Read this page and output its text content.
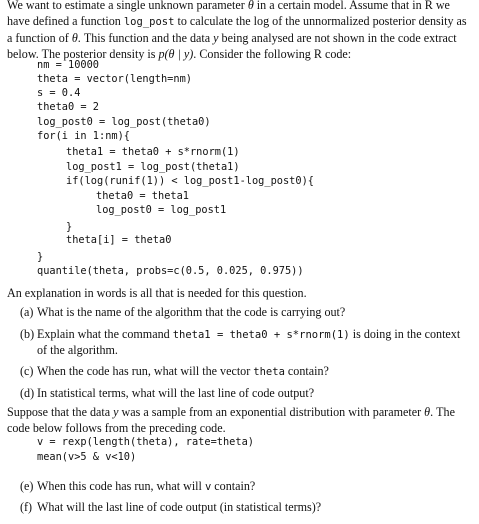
We want to estimate a single unknown parameter θ in a certain model. Assume that in R we
have defined a function log_post to calculate the log of the unnormalized posterior density as
a function of θ. This function and the data y being analysed are not shown in the code extract
below. The posterior density is p(θ | y). Consider the following R code:
nm = 10000
theta = vector(length=nm)
s = 0.4
theta0 = 2
log_post0 = log_post(theta0)
for(i in 1:nm){
theta1 = theta0 + s*rnorm(1)
log_post1 = log_post(theta1)
if(log(runif(1)) < log_post1-log_post0){
theta0 = theta1
log_post0 = log_post1
}
theta[i] = theta0
}
quantile(theta, probs=c(0.5, 0.025, 0.975))
An explanation in words is all that is needed for this question.
(a) What is the name of the algorithm that the code is carrying out?
(b) Explain what the command theta1 = theta0 + s*rnorm(1) is doing in the context
of the algorithm.
(c) When the code has run, what will the vector theta contain?
(d) In statistical terms, what will the last line of code output?
Suppose that the data y was a sample from an exponential distribution with parameter θ. The
code below follows from the preceding code.
v = rexp(length(theta), rate=theta)
mean(v>5 & v<10)
(e) When this code has run, what will v contain?
(f) What will the last line of code output (in statistical terms)?
